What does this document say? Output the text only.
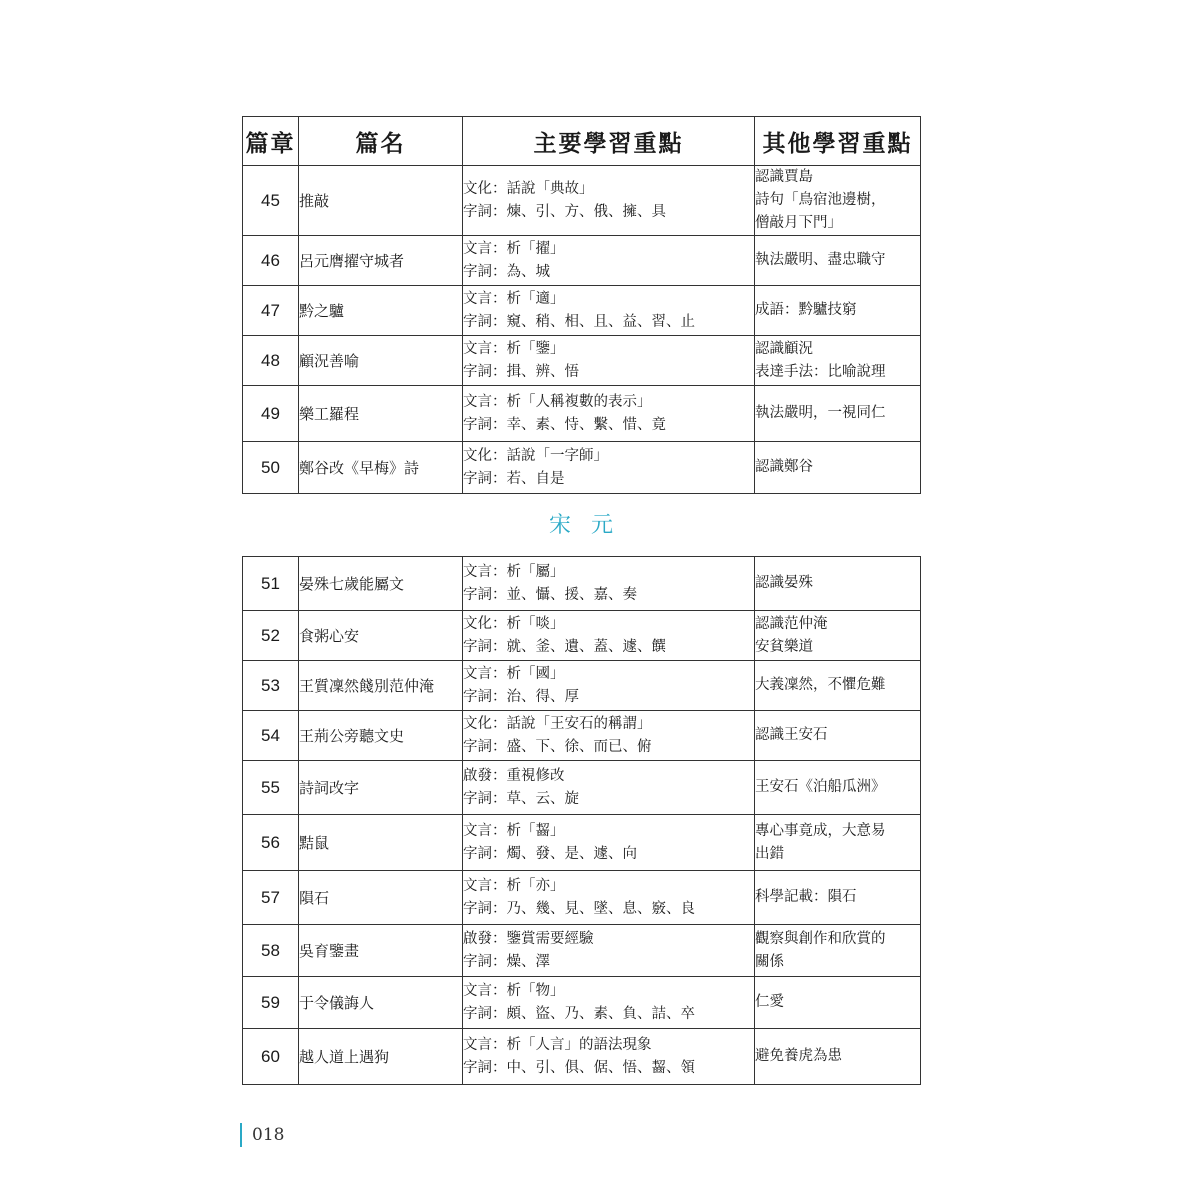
篇章	篇名	主要學習重點	其他學習重點
45	推敲	文化：話說「典故」
字詞：煉、引、方、俄、擁、具	認識賈島
詩句「鳥宿池邊樹，
僧敲月下門」

46	呂元膺擢守城者	文言：析「擢」
字詞：為、城	執法嚴明、盡忠職守

47	黔之驢	文言：析「適」
字詞：窺、稍、相、且、益、習、止	成語：黔驢技窮

48	顧況善喻	文言：析「鑒」
字詞：揖、辨、悟	認識顧況
表達手法：比喻說理

49	樂工羅程	文言：析「人稱複數的表示」
字詞：幸、素、恃、繫、惜、竟	執法嚴明，一視同仁

50	鄭谷改《早梅》詩	文化：話說「一字師」
字詞：若、自是	認識鄭谷
宋元
51	晏殊七歲能屬文	文言：析「屬」
字詞：並、懾、援、嘉、奏	認識晏殊

52	食粥心安	文化：析「啖」
字詞：就、釜、遺、蓋、遽、饌	認識范仲淹
安貧樂道

53	王質凜然餞別范仲淹	文言：析「國」
字詞：治、得、厚	大義凜然，不懼危難

54	王荊公旁聽文史	文化：話說「王安石的稱謂」
字詞：盛、下、徐、而已、俯	認識王安石

55	詩詞改字	啟發：重視修改
字詞：草、云、旋	王安石《泊船瓜洲》

56	黠鼠	文言：析「齧」
字詞：燭、發、是、遽、向	專心事竟成，大意易
出錯

57	隕石	文言：析「亦」
字詞：乃、幾、見、墜、息、竅、良	科學記載：隕石

58	吳育鑒畫	啟發：鑒賞需要經驗
字詞：燥、澤	觀察與創作和欣賞的
關係

59	于令儀誨人	文言：析「物」
字詞：頗、盜、乃、素、負、詰、卒	仁愛

60	越人道上遇狗	文言：析「人言」的語法現象
字詞：中、引、俱、倨、悟、齧、領	避免養虎為患
018
